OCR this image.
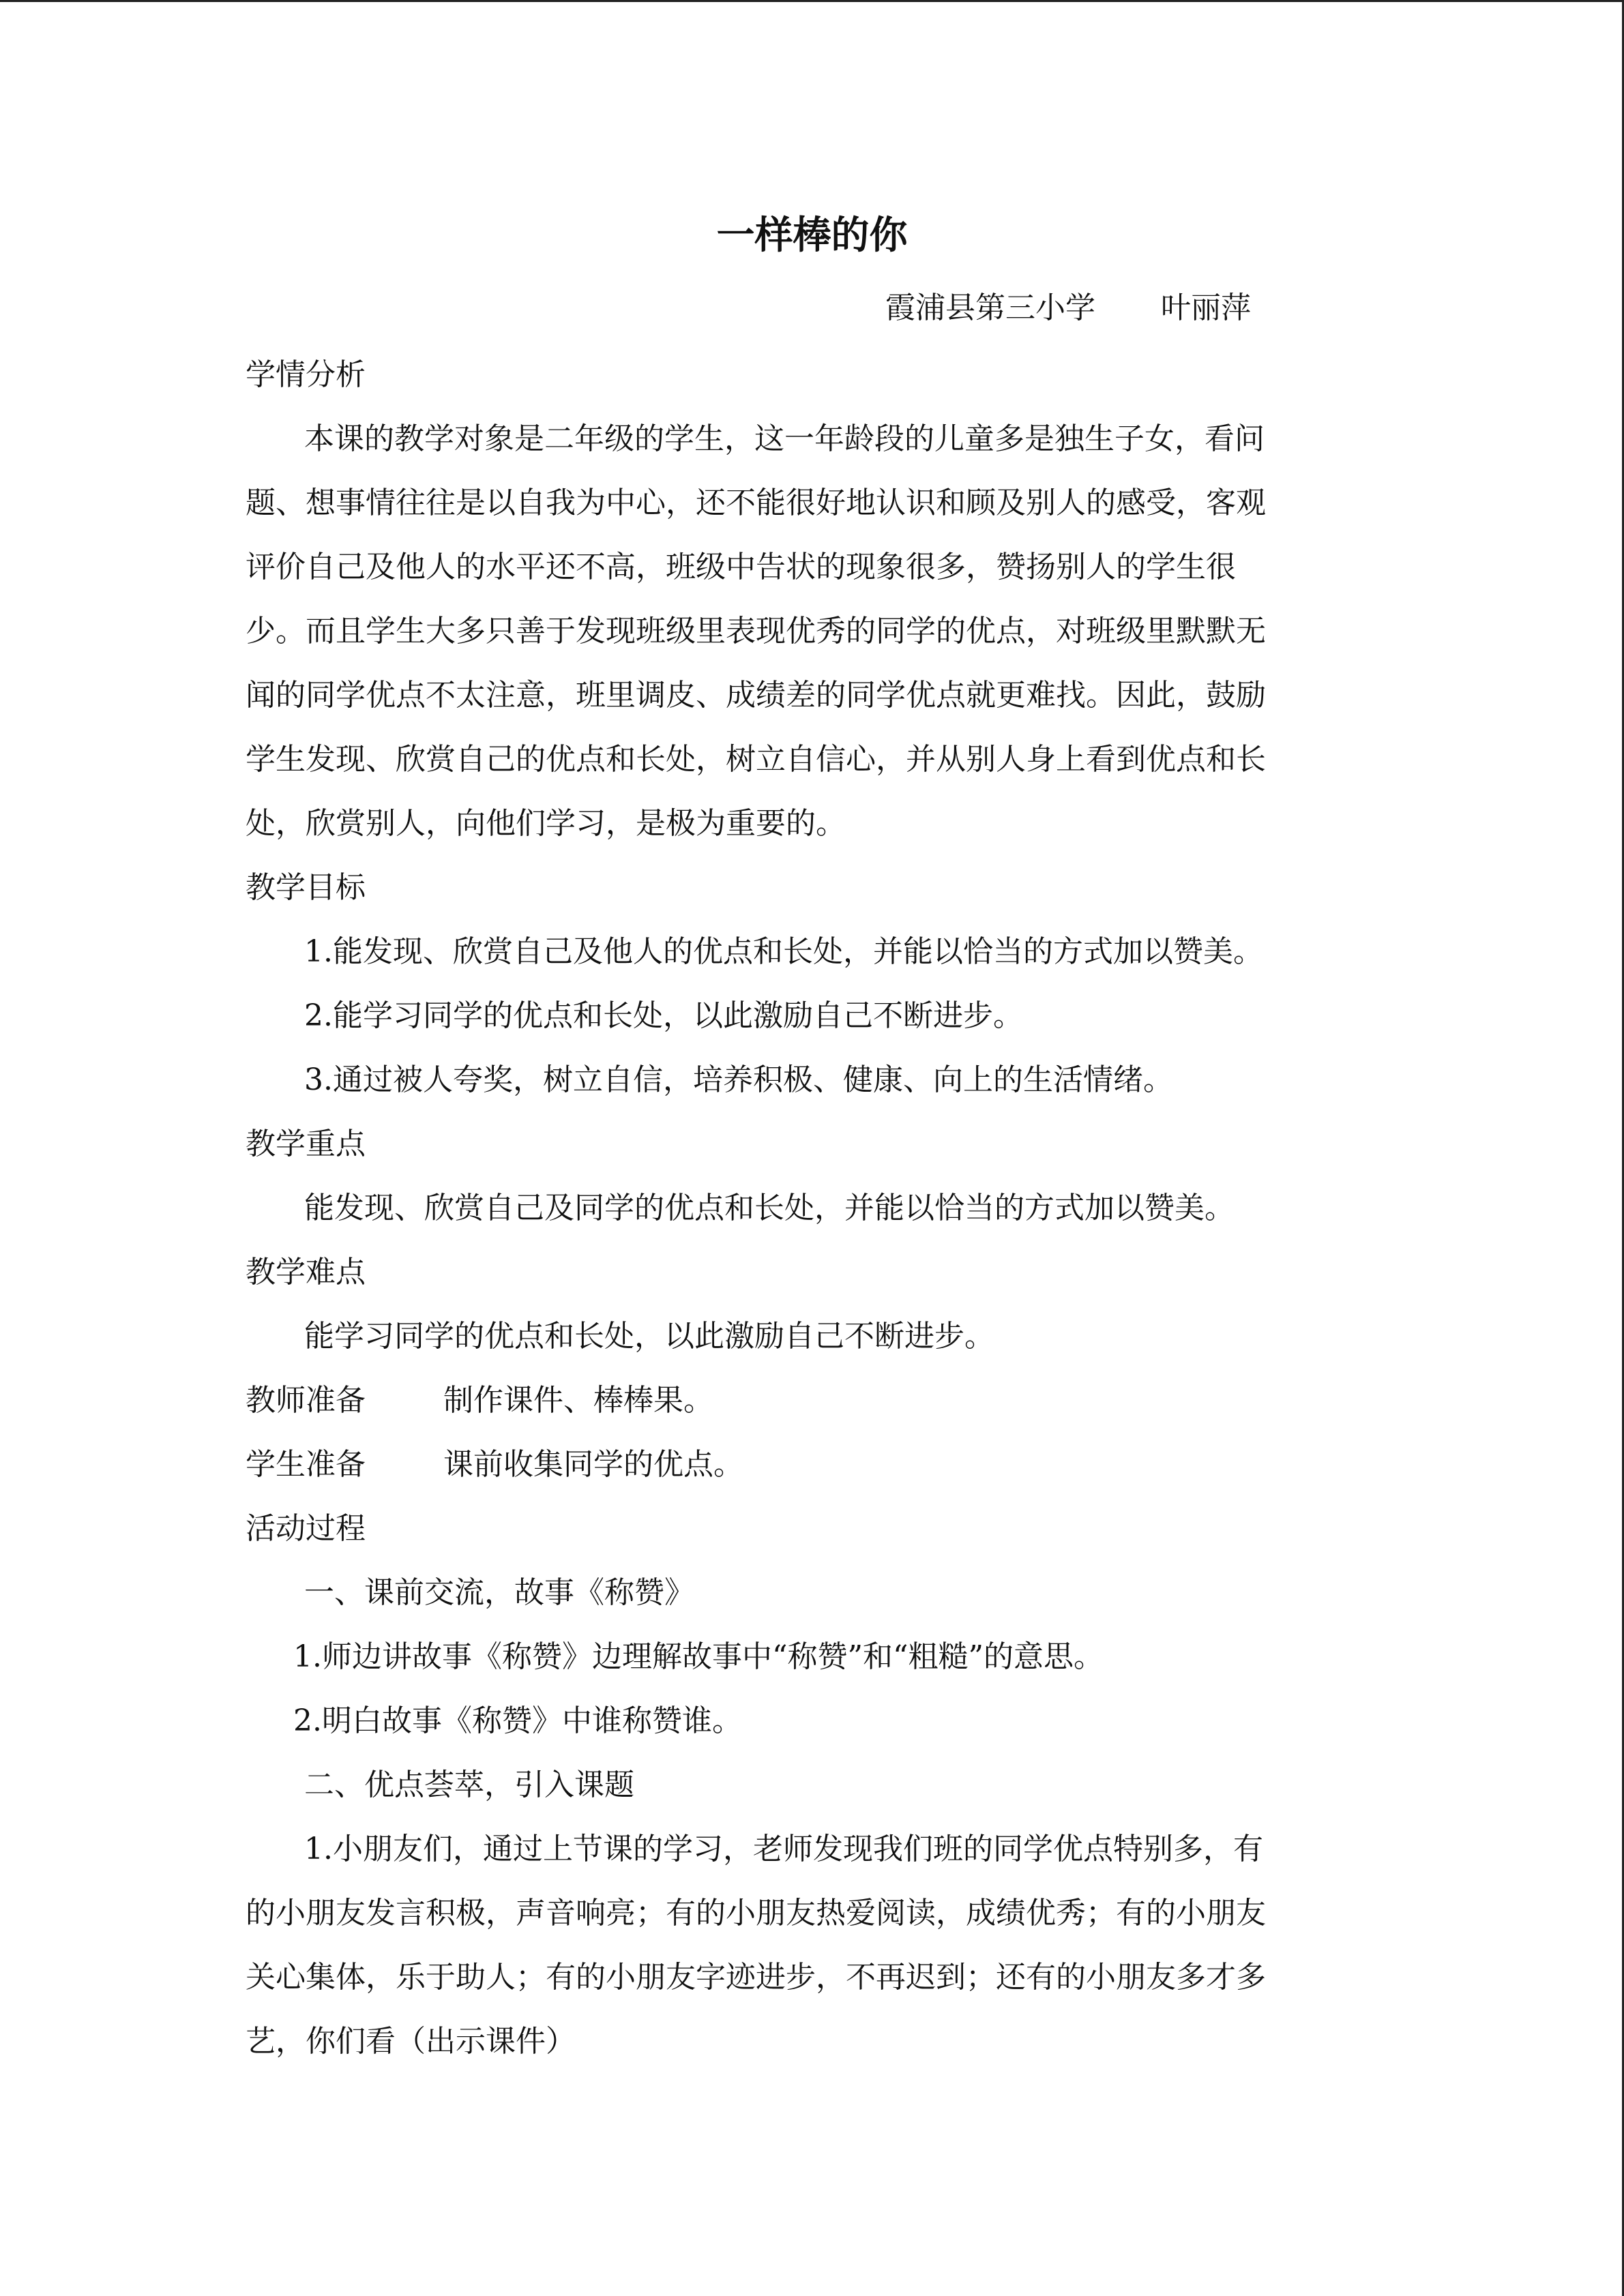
一样棒的你
霞浦县第三小学 叶丽萍
学情分析
本课的教学对象是二年级的学生，这一年龄段的儿童多是独生子女，看问
题、想事情往往是以自我为中心，还不能很好地认识和顾及别人的感受，客观
评价自己及他人的水平还不高，班级中告状的现象很多，赞扬别人的学生很
少。而且学生大多只善于发现班级里表现优秀的同学的优点，对班级里默默无
闻的同学优点不太注意，班里调皮、成绩差的同学优点就更难找。因此，鼓励
学生发现、欣赏自己的优点和长处，树立自信心，并从别人身上看到优点和长
处，欣赏别人，向他们学习，是极为重要的。
教学目标
1.能发现、欣赏自己及他人的优点和长处，并能以恰当的方式加以赞美。
2.能学习同学的优点和长处，以此激励自己不断进步。
3.通过被人夸奖，树立自信，培养积极、健康、向上的生活情绪。
教学重点
能发现、欣赏自己及同学的优点和长处，并能以恰当的方式加以赞美。
教学难点
能学习同学的优点和长处，以此激励自己不断进步。
教师准备	制作课件、棒棒果。
学生准备	课前收集同学的优点。
活动过程
一、课前交流，故事《称赞》
1.师边讲故事《称赞》边理解故事中“称赞”和“粗糙”的意思。
2.明白故事《称赞》中谁称赞谁。
二、优点荟萃，引入课题
1.小朋友们，通过上节课的学习，老师发现我们班的同学优点特别多，有
的小朋友发言积极，声音响亮；有的小朋友热爱阅读，成绩优秀；有的小朋友
关心集体，乐于助人；有的小朋友字迹进步，不再迟到；还有的小朋友多才多
艺，你们看（出示课件）
